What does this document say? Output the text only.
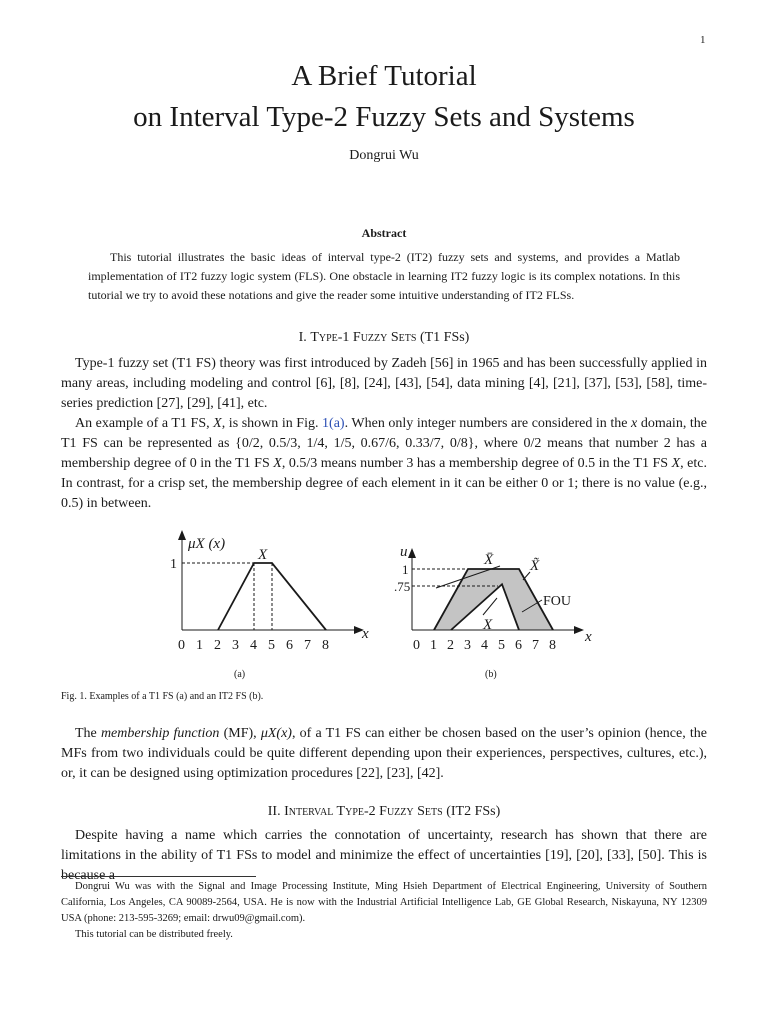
1
A Brief Tutorial
on Interval Type-2 Fuzzy Sets and Systems
Dongrui Wu
Abstract
This tutorial illustrates the basic ideas of interval type-2 (IT2) fuzzy sets and systems, and provides a Matlab implementation of IT2 fuzzy logic system (FLS). One obstacle in learning IT2 fuzzy logic is its complex notations. In this tutorial we try to avoid these notations and give the reader some intuitive understanding of IT2 FLSs.
I. Type-1 Fuzzy Sets (T1 FSs)
Type-1 fuzzy set (T1 FS) theory was first introduced by Zadeh [56] in 1965 and has been successfully applied in many areas, including modeling and control [6], [8], [24], [43], [54], data mining [4], [21], [37], [53], [58], time-series prediction [27], [29], [41], etc.
An example of a T1 FS, X, is shown in Fig. 1(a). When only integer numbers are considered in the x domain, the T1 FS can be represented as {0/2, 0.5/3, 1/4, 1/5, 0.67/6, 0.33/7, 0/8}, where 0/2 means that number 2 has a membership degree of 0 in the T1 FS X, 0.5/3 means number 3 has a membership degree of 0.5 in the T1 FS X, etc. In contrast, for a crisp set, the membership degree of each element in it can be either 0 or 1; there is no value (e.g., 0.5) in between.
μX (x)
X
1
x
0 1 2 3 4 5 6 7 8
u
1
.75
X̄ X̃
FOU
X̲
x
0 1 2 3 4 5 6 7 8
(a)	(b)
Fig. 1. Examples of a T1 FS (a) and an IT2 FS (b).
The membership function (MF), μX(x), of a T1 FS can either be chosen based on the user’s opinion (hence, the MFs from two individuals could be quite different depending upon their experiences, perspectives, cultures, etc.), or, it can be designed using optimization procedures [22], [23], [42].
II. Interval Type-2 Fuzzy Sets (IT2 FSs)
Despite having a name which carries the connotation of uncertainty, research has shown that there are limitations in the ability of T1 FSs to model and minimize the effect of uncertainties [19], [20], [33], [50]. This is because a
Dongrui Wu was with the Signal and Image Processing Institute, Ming Hsieh Department of Electrical Engineering, University of Southern California, Los Angeles, CA 90089-2564, USA. He is now with the Industrial Artificial Intelligence Lab, GE Global Research, Niskayuna, NY 12309 USA (phone: 213-595-3269; email: drwu09@gmail.com).
This tutorial can be distributed freely.
